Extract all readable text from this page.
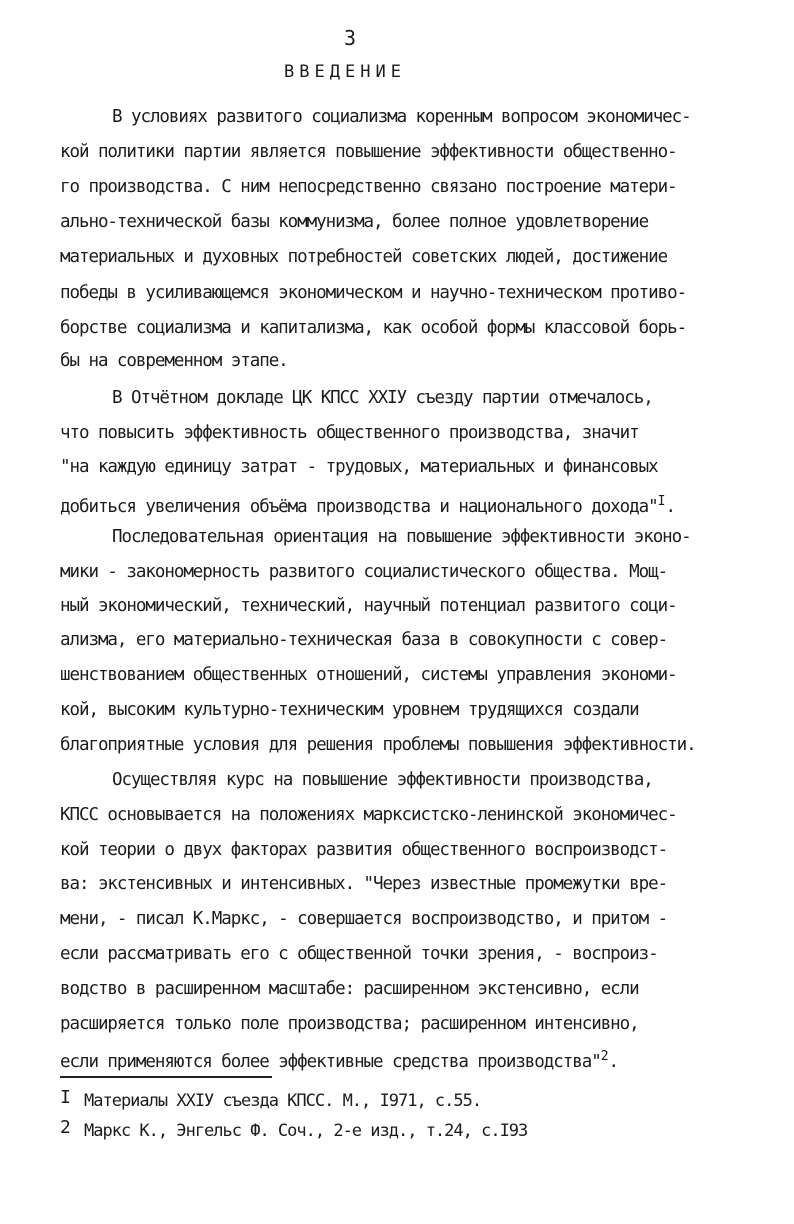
3
ВВЕДЕНИЕ
В условиях развитого социализма коренным вопросом экономичес-
кой политики партии является повышение эффективности общественно-
го производства. С ним непосредственно связано построение матери-
ально-технической базы коммунизма, более полное удовлетворение
материальных и духовных потребностей советских людей, достижение
победы в усиливающемся экономическом и научно-техническом противо-
борстве социализма и капитализма, как особой формы классовой борь-
бы на современном этапе.
В Отчётном докладе ЦК КПСС ХХIУ съезду партии отмечалось,
что повысить эффективность общественного производства, значит
"на каждую единицу затрат - трудовых, материальных и финансовых
добиться увеличения объёма производства и национального дохода"$^I$.
Последовательная ориентация на повышение эффективности эконо-
мики - закономерность развитого социалистического общества. Мощ-
ный экономический, технический, научный потенциал развитого соци-
ализма, его материально-техническая база в совокупности с совер-
шенствованием общественных отношений, системы управления экономи-
кой, высоким культурно-техническим уровнем трудящихся создали
благоприятные условия для решения проблемы повышения эффективности.
Осуществляя курс на повышение эффективности производства,
КПСС основывается на положениях марксистско-ленинской экономичес-
кой теории о двух факторах развития общественного воспроизводст-
ва: экстенсивных и интенсивных. "Через известные промежутки вре-
мени, - писал К.Маркс, - совершается воспроизводство, и притом -
если рассматривать его с общественной точки зрения, - воспроиз-
водство в расширенном масштабе: расширенном экстенсивно, если
расширяется только поле производства; расширенном интенсивно,
если применяются более эффективные средства производства"$^2$.
I Материалы ХХIУ съезда КПСС. М., I971, с.55.
2 Маркс К., Энгельс Ф. Соч., 2-е изд., т.24, с.I93
